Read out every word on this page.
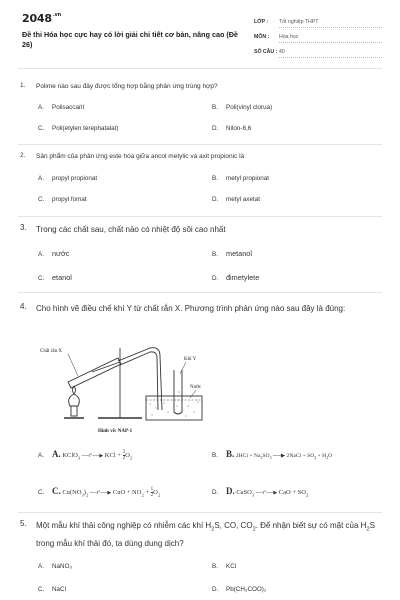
$2048^{.vn}$
Đề thi Hóa học cực hay có lời giải chi tiết cơ bản, nâng cao (Đề 26)
LỚP : Tốt nghiệp THPT
MÔN : Hóa học
SỐ CÂU : 40
1. Polime nào sau đây được tổng hợp bằng phản ứng trùng hợp?
A. Polisaccarit	B. Poli(vinyl clorua)
C. Poli(etylen terephatalat)	D. Nilon-6,6
2. Sản phẩm của phản ứng este hóa giữa ancol metylic và axit propionic là
A. propyl propionat	B. metyl propionat
C. propyl fomat	D. metyl axetat
3. Trong các chất sau, chất nào có nhiệt độ sôi cao nhất
A. nước	B. metanol
C. etanol	D. đimetylete
4. Cho hình vẽ điều chế khí Y từ chất rắn X. Phương trình phản ứng nào sau đây là đúng:
Chất rắn X
Khí Y
Nước
Hình vẽ: NAP-1
A. A. KClO$_3$ ──t°──▶ KCl + $\frac{3}{2} O_2$	B. B. $2HCl + Na_2SO_3$ ──▶ 2NaCl + $SO_2 + H_2O$
C. C. $Cu(NO_3)_2$ ──t°──▶ CuO + $NO_2 + \frac{1}{2} O_2$	D. D. CaSO$_3$ ──t°──▶ CaO + $SO_2$
5. Một mẫu khí thải công nghiệp có nhiễm các khí $H_2S$, CO, $CO_2$. Để nhận biết sự có mặt của $H_2S$ trong mẫu khí thải đó, ta dùng dung dịch?
A. NaNO₃	B. KCl
C. NaCl	D. Pb(CH₃COO)₂
